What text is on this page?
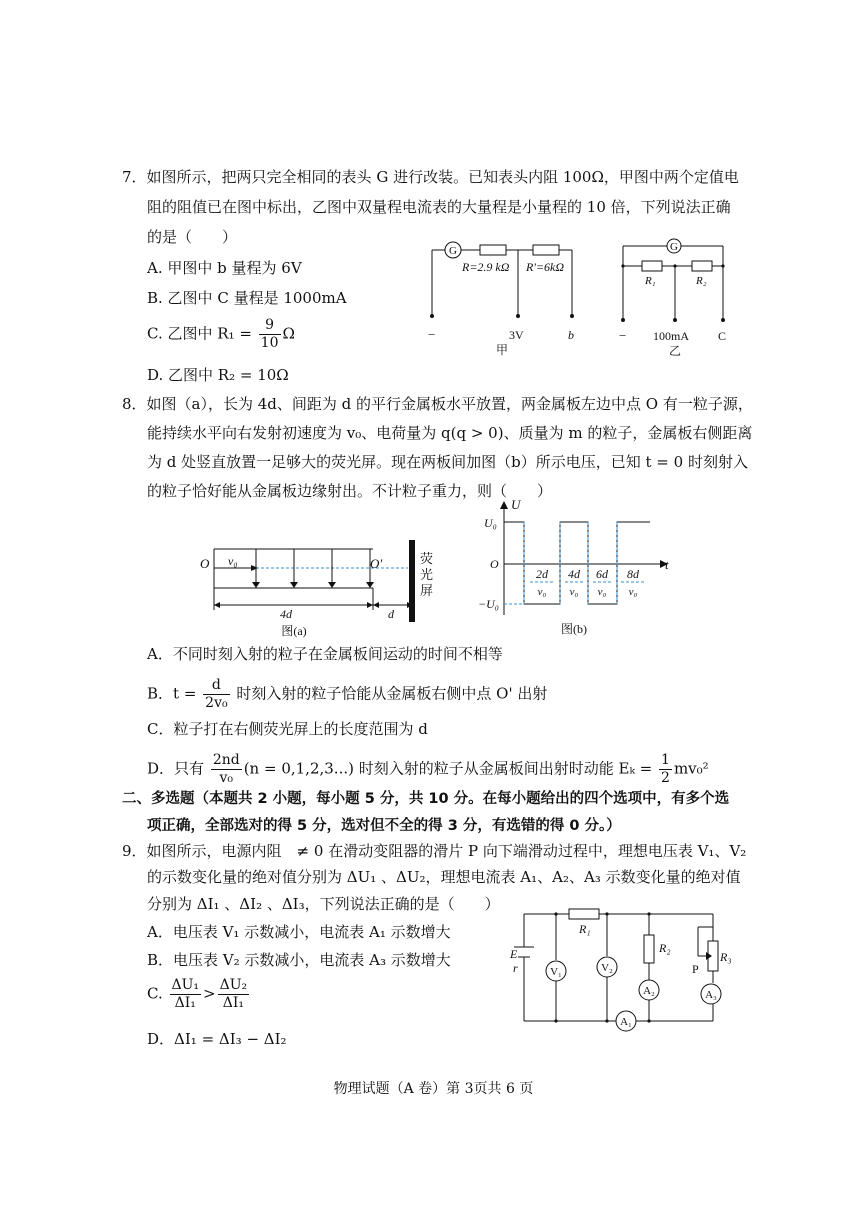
7．如图所示，把两只完全相同的表头 G 进行改装。已知表头内阻 100Ω，甲图中两个定值电
阻的阻值已在图中标出，乙图中双量程电流表的大量程是小量程的 10 倍，下列说法正确
的是（　　）
A. 甲图中 b 量程为 6V
B. 乙图中 C 量程是 1000mA
C. 乙图中 $R_1 = \frac{9}{10}$ Ω
D. 乙图中 R₂ = 10Ω
G
R=2.9 kΩ R′=6kΩ
−	3V	b
甲
G
R₁	R₂
− 100mA C
乙
8．如图（a），长为 4d、间距为 d 的平行金属板水平放置，两金属板左边中点 O 有一粒子源，
能持续水平向右发射初速度为 v₀、电荷量为 q(q > 0)、质量为 m 的粒子，金属板右侧距离
为 d 处竖直放置一足够大的荧光屏。现在两板间加图（b）所示电压，已知 t = 0 时刻射入
的粒子恰好能从金属板边缘射出。不计粒子重力，则（　　）
O v₀	O′
4d	d
荧
光
屏
图(a)
U
U₀
O	t
−U₀
2d
v₀
4d
v₀
6d
v₀
8d
v₀
图(b)
A．不同时刻入射的粒子在金属板间运动的时间不相等
B．$t = \frac{d}{\text{2v₀}}$ 时刻入射的粒子恰能从金属板右侧中点 O' 出射
C．粒子打在右侧荧光屏上的长度范围为 d
D．只有 $\frac{2nd}{\text{v₀}} (n = 0,1,2,3...)$ 时刻入射的粒子从金属板间出射时动能 $E_k = \frac{1}{2} mv_0^2$
二、多选题（本题共 2 小题，每小题 5 分，共 10 分。在每小题给出的四个选项中，有多个选
项正确，全部选对的得 5 分，选对但不全的得 3 分，有选错的得 0 分。）
9．如图所示，电源内阻　≠ 0 在滑动变阻器的滑片 P 向下端滑动过程中，理想电压表 V₁、V₂
的示数变化量的绝对值分别为 ΔU₁ 、ΔU₂，理想电流表 A₁、A₂、A₃ 示数变化量的绝对值
分别为 ΔI₁ 、ΔI₂ 、ΔI₃，下列说法正确的是（　　）
A．电压表 V₁ 示数减小，电流表 A₁ 示数增大
B．电压表 V₂ 示数减小，电流表 A₃ 示数增大
C. $\frac{\text{ΔU₁}}{\text{ΔI₁}} > \frac{\text{ΔU₂}}{\text{ΔI₁}}$
D．ΔI₁ = ΔI₃ − ΔI₂
E
r
R₁
R₂
P
R₃
V₁	V₂
A₁
A₂	A₃
物理试题（A 卷）第 3页共 6 页
